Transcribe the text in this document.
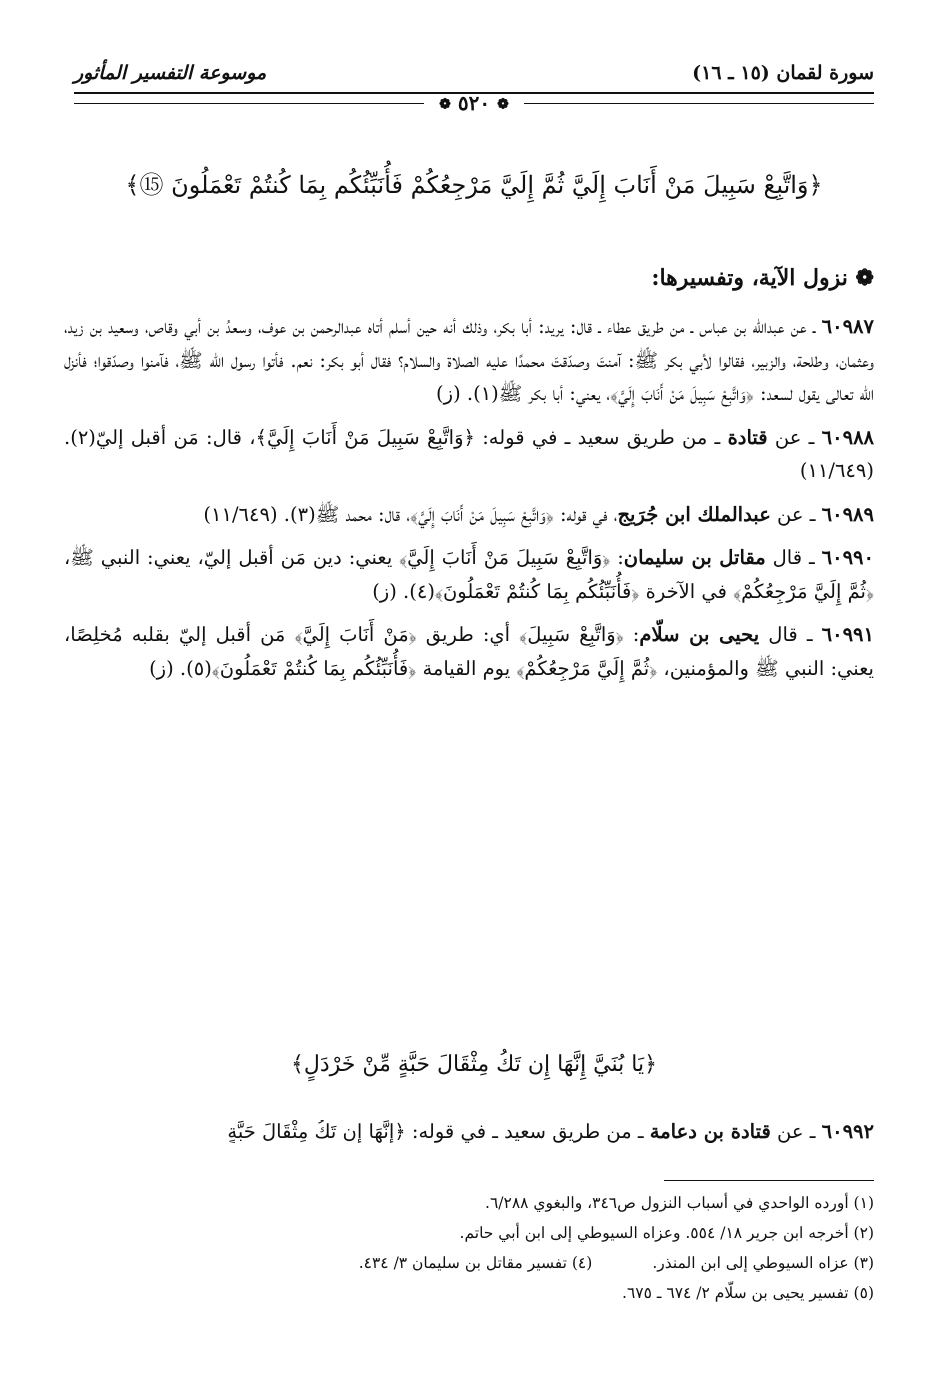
سورة لقمان (١٥ ـ ١٦)
موسوعة التفسير المأثور
❁ ٥٢٠ ❁
﴿وَاتَّبِعْ سَبِيلَ مَنْ أَنَابَ إِلَيَّ ثُمَّ إِلَيَّ مَرْجِعُكُمْ فَأُنَبِّئُكُم بِمَا كُنتُمْ تَعْمَلُونَ ⑮﴾
❁ نزول الآية، وتفسيرها:

٦٠٩٨٧ ـ عن عبدالله بن عباس ـ من طريق عطاء ـ قال: يريد: أبا بكر، وذلك أنه حين أسلم أتاه عبدالرحمن بن عوف، وسعدُ بن أبي وقاص، وسعيد بن زيد، وعثمان، وطلحة، والزبير، فقالوا لأبي بكر ﷺ: آمنتَ وصدّقتَ محمدًا عليه الصلاة والسلام؟ فقال أبو بكر: نعم. فأتوا رسول الله ﷺ، فآمنوا وصدّقوا؛ فأنزل الله تعالى يقول لسعد: ﴿وَاتَّبِعْ سَبِيلَ مَنْ أَنَابَ إِلَيَّ﴾، يعني: أبا بكر ﷺ(١). (ز)

٦٠٩٨٨ ـ عن قتادة ـ من طريق سعيد ـ في قوله: ﴿وَاتَّبِعْ سَبِيلَ مَنْ أَنَابَ إِلَيَّ﴾، قال: مَن أقبل إليّ(٢). (١١/٦٤٩)

٦٠٩٨٩ ـ عن عبدالملك ابن جُرَيج، في قوله: ﴿وَاتَّبِعْ سَبِيلَ مَنْ أَنَابَ إِلَيَّ﴾، قال: محمد ﷺ(٣). (١١/٦٤٩)

٦٠٩٩٠ ـ قال مقاتل بن سليمان: ﴿وَاتَّبِعْ سَبِيلَ مَنْ أَنَابَ إِلَيَّ﴾ يعني: دين مَن أقبل إليّ، يعني: النبي ﷺ، ﴿ثُمَّ إِلَيَّ مَرْجِعُكُمْ﴾ في الآخرة ﴿فَأُنَبِّئُكُم بِمَا كُنتُمْ تَعْمَلُونَ﴾(٤). (ز)

٦٠٩٩١ ـ قال يحيى بن سلّام: ﴿وَاتَّبِعْ سَبِيلَ﴾ أي: طريق ﴿مَنْ أَنَابَ إِلَيَّ﴾ مَن أقبل إليّ بقلبه مُخلِصًا، يعني: النبي ﷺ والمؤمنين، ﴿ثُمَّ إِلَيَّ مَرْجِعُكُمْ﴾ يوم القيامة ﴿فَأُنَبِّئُكُم بِمَا كُنتُمْ تَعْمَلُونَ﴾(٥). (ز)

﴿يَا بُنَيَّ إِنَّهَا إِن تَكُ مِثْقَالَ حَبَّةٍ مِّنْ خَرْدَلٍ﴾
٦٠٩٩٢ ـ عن قتادة بن دعامة ـ من طريق سعيد ـ في قوله: ﴿إِنَّهَا إِن تَكُ مِثْقَالَ حَبَّةٍ
(١) أورده الواحدي في أسباب النزول ص٣٤٦، والبغوي ٦/٢٨٨.
(٢) أخرجه ابن جرير ١٨/ ٥٥٤. وعزاه السيوطي إلى ابن أبي حاتم.
(٣) عزاه السيوطي إلى ابن المنذر.
(٤) تفسير مقاتل بن سليمان ٣/ ٤٣٤.
(٥) تفسير يحيى بن سلّام ٢/ ٦٧٤ ـ ٦٧٥.
